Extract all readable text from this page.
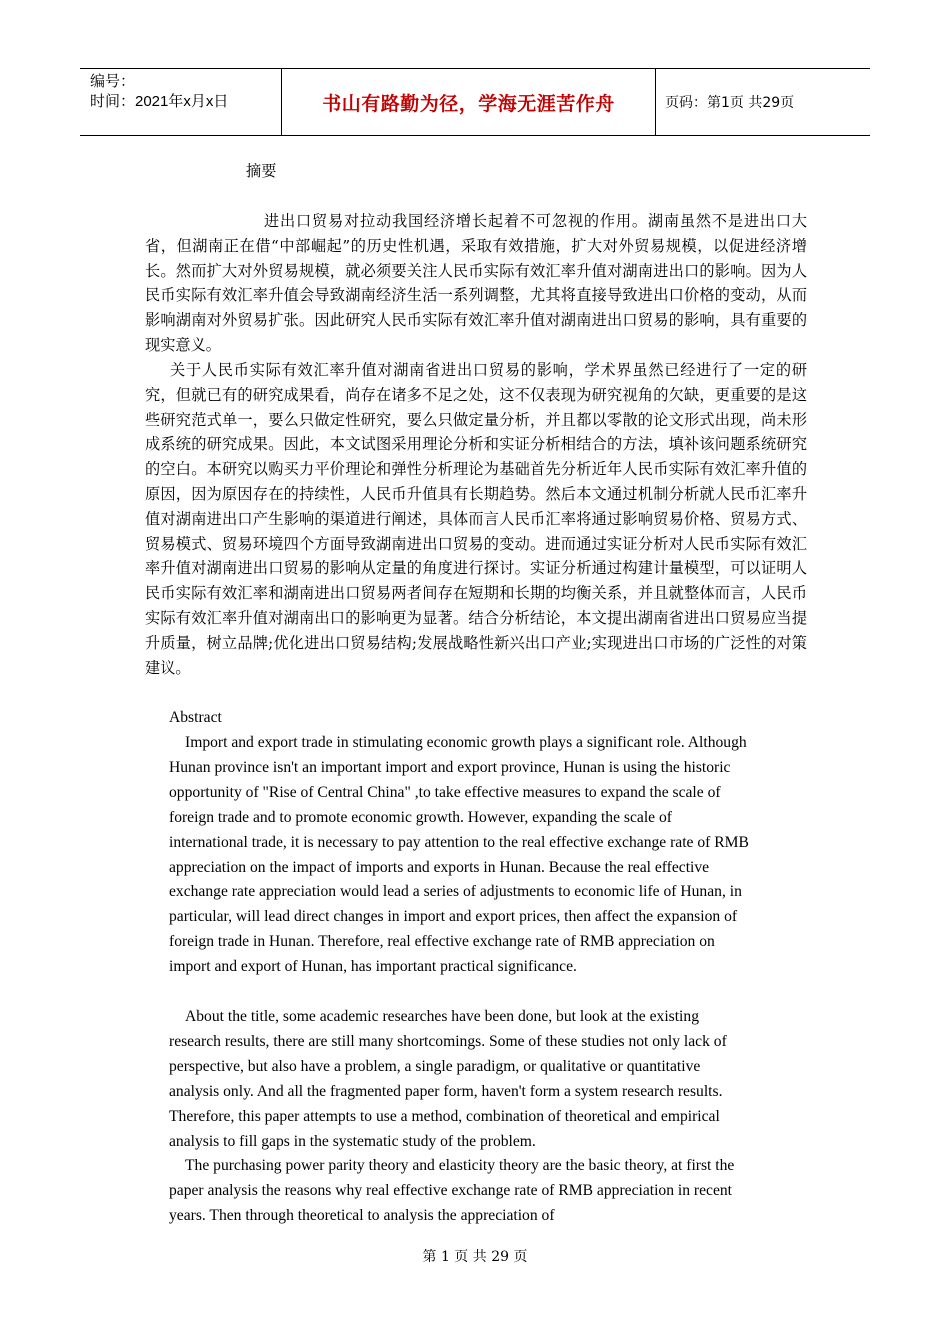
编号：
时间：2021年x月x日	书山有路勤为径，学海无涯苦作舟	页码：第1页 共29页
摘要
进出口贸易对拉动我国经济增长起着不可忽视的作用。湖南虽然不是进出口大省，但湖南正在借“中部崛起”的历史性机遇，采取有效措施，扩大对外贸易规模，以促进经济增长。然而扩大对外贸易规模，就必须要关注人民币实际有效汇率升值对湖南进出口的影响。因为人民币实际有效汇率升值会导致湖南经济生活一系列调整，尤其将直接导致进出口价格的变动，从而影响湖南对外贸易扩张。因此研究人民币实际有效汇率升值对湖南进出口贸易的影响，具有重要的现实意义。
关于人民币实际有效汇率升值对湖南省进出口贸易的影响，学术界虽然已经进行了一定的研究，但就已有的研究成果看，尚存在诸多不足之处，这不仅表现为研究视角的欠缺，更重要的是这些研究范式单一，要么只做定性研究，要么只做定量分析，并且都以零散的论文形式出现，尚未形成系统的研究成果。因此，本文试图采用理论分析和实证分析相结合的方法，填补该问题系统研究的空白。本研究以购买力平价理论和弹性分析理论为基础首先分析近年人民币实际有效汇率升值的原因，因为原因存在的持续性，人民币升值具有长期趋势。然后本文通过机制分析就人民币汇率升值对湖南进出口产生影响的渠道进行阐述，具体而言人民币汇率将通过影响贸易价格、贸易方式、贸易模式、贸易环境四个方面导致湖南进出口贸易的变动。进而通过实证分析对人民币实际有效汇率升值对湖南进出口贸易的影响从定量的角度进行探讨。实证分析通过构建计量模型，可以证明人民币实际有效汇率和湖南进出口贸易两者间存在短期和长期的均衡关系，并且就整体而言，人民币实际有效汇率升值对湖南出口的影响更为显著。结合分析结论，本文提出湖南省进出口贸易应当提升质量，树立品牌;优化进出口贸易结构;发展战略性新兴出口产业;实现进出口市场的广泛性的对策建议。
Abstract
Import and export trade in stimulating economic growth plays a significant role. Although Hunan province isn't an important import and export province, Hunan is using the historic opportunity of "Rise of Central China" ,to take effective measures to expand the scale of foreign trade and to promote economic growth. However, expanding the scale of international trade, it is necessary to pay attention to the real effective exchange rate of RMB appreciation on the impact of imports and exports in Hunan. Because the real effective exchange rate appreciation would lead a series of adjustments to economic life of Hunan, in particular, will lead direct changes in import and export prices, then affect the expansion of foreign trade in Hunan. Therefore, real effective exchange rate of RMB appreciation on import and export of Hunan, has important practical significance.
About the title, some academic researches have been done, but look at the existing research results, there are still many shortcomings. Some of these studies not only lack of perspective, but also have a problem, a single paradigm, or qualitative or quantitative analysis only. And all the fragmented paper form, haven't form a system research results. Therefore, this paper attempts to use a method, combination of theoretical and empirical analysis to fill gaps in the systematic study of the problem.
The purchasing power parity theory and elasticity theory are the basic theory, at first the paper analysis the reasons why real effective exchange rate of RMB appreciation in recent years. Then through theoretical to analysis the appreciation of
第 1 页 共 29 页
